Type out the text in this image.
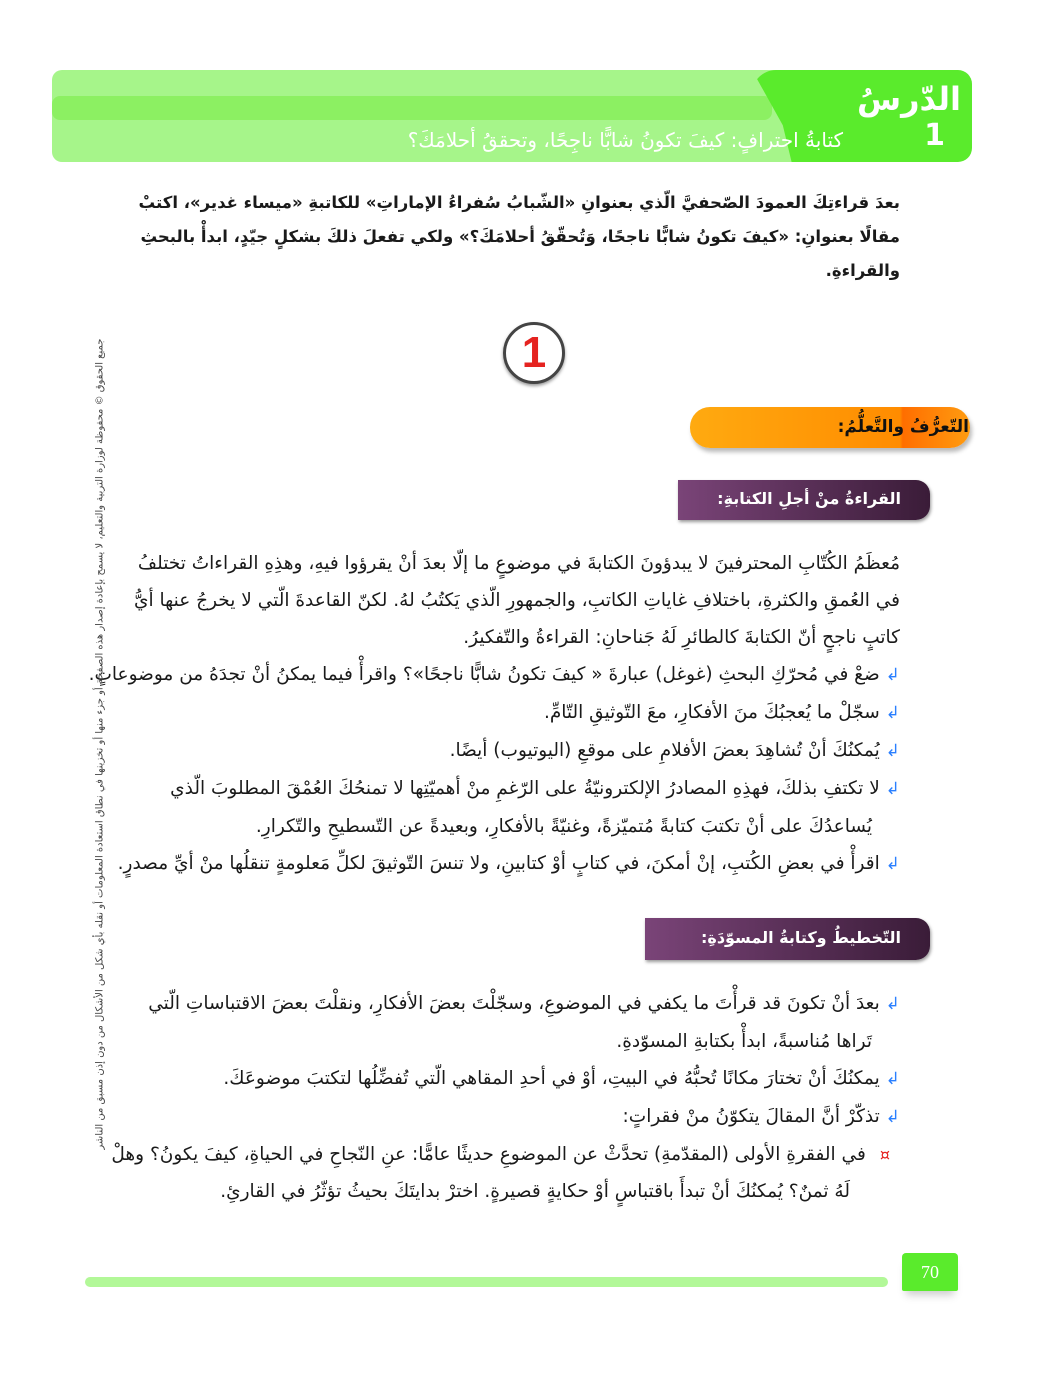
الدّرسُ
1
كتابةُ احترافٍ: كيفَ تكونُ شابًّا ناجِحًا، وتحققُ أحلامَكَ؟
بعدَ قراءتِكَ العمودَ الصّحفيَّ الّذي بعنوانِ «الشّبابُ سُفراءُ الإماراتِ» للكاتبةِ «ميساء غدير»، اكتبْ
مقالًا بعنوانِ: «كيفَ تكونُ شابًّا ناجحًا، وَتُحقّقُ أحلامَكَ؟» ولكي تفعلَ ذلكَ بشكلٍ جيّدٍ، ابدأْ بالبحثِ
والقراءةِ.
1
التّعرُّفُ والتَّعلُّمُ:
القراءةُ منْ أجلِ الكتابةِ:
مُعظَمُ الكُتّابِ المحترفينَ لا يبدؤونَ الكتابةَ في موضوعٍ ما إلّا بعدَ أنْ يقرؤوا فيهِ، وهذِهِ القراءاتُ تختلفُ
في العُمقِ والكثرةِ، باختلافِ غاياتِ الكاتبِ، والجمهورِ الّذي يَكتُبُ لهُ. لكنّ القاعدةَ الّتي لا يخرجُ عنها أيُّ
كاتبٍ ناجحٍ أنّ الكتابةَ كالطائرِ لَهُ جَناحانِ: القراءةُ والتّفكيرُ.
↲ضعْ في مُحرّكِ البحثِ (غوغل) عبارةَ « كيفَ تكونُ شابًّا ناجحًا»؟ واقرأْ فيما يمكنُ أنْ تجدَهُ من موضوعاتٍ.
↲سجّلْ ما يُعجبُكَ منَ الأفكارِ، معَ التّوثيقِ التّامِّ.
↲يُمكنُكَ أنْ تُشاهِدَ بعضَ الأفلامِ على موقعِ (اليوتيوب) أيضًا.
↲لا تكتفِ بذلكَ، فهذِهِ المصادرُ الإلكترونيّةُ على الرّغمِ منْ أهميّتِها لا تمنحُكَ العُمْقَ المطلوبَ الّذي
يُساعدُكَ على أنْ تكتبَ كتابةً مُتميّزةً، وغنيّةً بالأفكارِ، وبعيدةً عن التّسطيحِ والتّكرارِ.
↲اقرأْ في بعضِ الكُتبِ، إنْ أمكنَ، في كتابٍ أوْ كتابينِ، ولا تنسَ التّوثيقَ لكلِّ مَعلومةٍ تنقلُها منْ أيِّ مصدرٍ.
التّخطيطُ وكتابةُ المسوّدَةِ:
↲بعدَ أنْ تكونَ قد قرأْتَ ما يكفي في الموضوعِ، وسجّلْتَ بعضَ الأفكارِ، ونقلْتَ بعضَ الاقتباساتِ الّتي
تَراها مُناسبةً، ابدأْ بكتابةِ المسوّدةِ.
↲يمكنُكَ أنْ تختارَ مكانًا تُحبُّهُ في البيتِ، أوْ في أحدِ المقاهي الّتي تُفضِّلُها لتكتبَ موضوعَكَ.
↲تذكّرْ أنَّ المقالَ يتكوّنُ منْ فقراتٍ:
¤في الفقرةِ الأولى (المقدّمةِ) تحدَّثْ عن الموضوعِ حديثًا عامًّا: عنِ النّجاحِ في الحياةِ، كيفَ يكونُ؟ وهلْ
لَهُ ثمنٌ؟ يُمكنُكَ أنْ تبدأَ باقتباسٍ أوْ حكايةٍ قصيرةٍ. اخترْ بدايتَكَ بحيثُ تؤثّرُ في القارئِ.
جميع الحقوق © محفوظة لوزارة التربية والتعليم، لا يسمح بإعادة إصدار هذه الصفحة أو جزء منها أو تخزينها في نطاق استعادة المعلومات أو نقله بأي شكل من الأشكال من دون إذن مسبق من الناشر
70
